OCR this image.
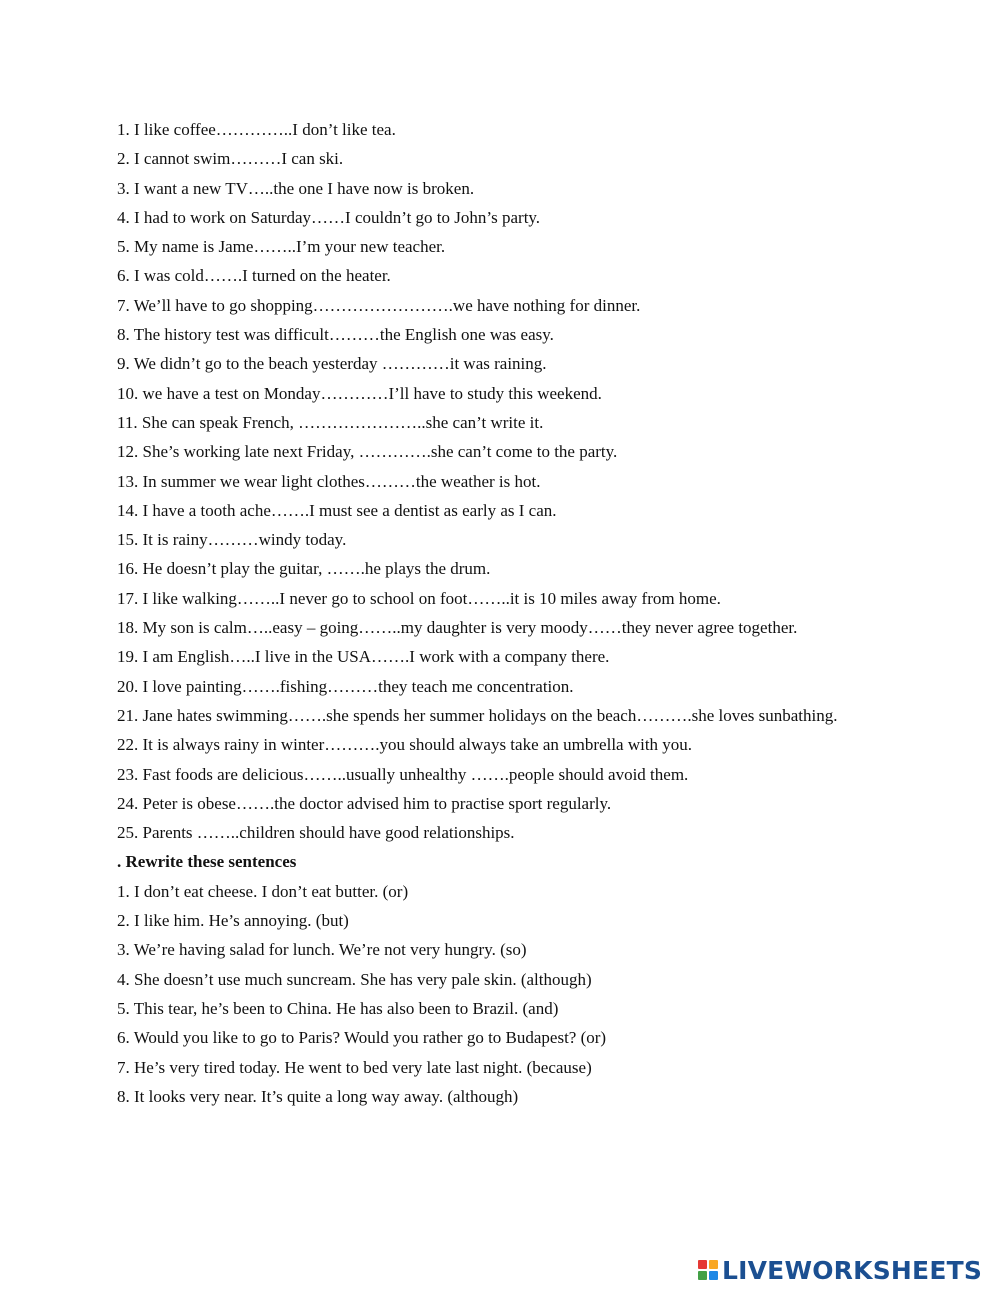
1. I like coffee…………..I don’t like tea.

2. I cannot swim………I can ski.

3. I want a new TV…..the one I have now is broken.

4. I had to work on Saturday……I couldn’t go to John’s party.

5. My name is Jame……..I’m your new teacher.

6. I was cold…….I turned on the heater.

7. We’ll have to go shopping…………………….we have nothing for dinner.

8. The history test was difficult………the English one was easy.

9. We didn’t go to the beach yesterday …………it was raining.

10. we have a test on Monday…………I’ll have to study this weekend.

11. She can speak French, …………………..she can’t write it.

12. She’s working late next Friday, ………….she can’t come to the party.

13. In summer we wear light clothes………the weather is hot.

14. I have a tooth ache…….I must see a dentist as early as I can.

15. It is rainy………windy today.

16. He doesn’t play the guitar, …….he plays the drum.

17. I like walking……..I never go to school on foot……..it is 10 miles away from home.

18. My son is calm…..easy – going……..my daughter is very moody……they never agree together.

19. I am English…..I live in the USA…….I work with a company there.

20. I love painting…….fishing………they teach me concentration.

21. Jane hates swimming…….she spends her summer holidays on the beach……….she loves sunbathing.

22. It is always rainy in winter……….you should always take an umbrella with you.

23. Fast foods are delicious……..usually unhealthy …….people should avoid them.

24. Peter is obese…….the doctor advised him to practise sport regularly.

25. Parents ……..children should have good relationships.

. Rewrite these sentences

1. I don’t eat cheese. I don’t eat butter. (or)

2. I like him. He’s annoying. (but)

3. We’re having salad for lunch. We’re not very hungry. (so)

4. She doesn’t use much suncream. She has very pale skin. (although)

5. This tear, he’s been to China. He has also been to Brazil. (and)

6. Would you like to go to Paris? Would you rather go to Budapest? (or)

7. He’s very tired today. He went to bed very late last night. (because)

8. It looks very near. It’s quite a long way away. (although)

LIVEWORKSHEETS
